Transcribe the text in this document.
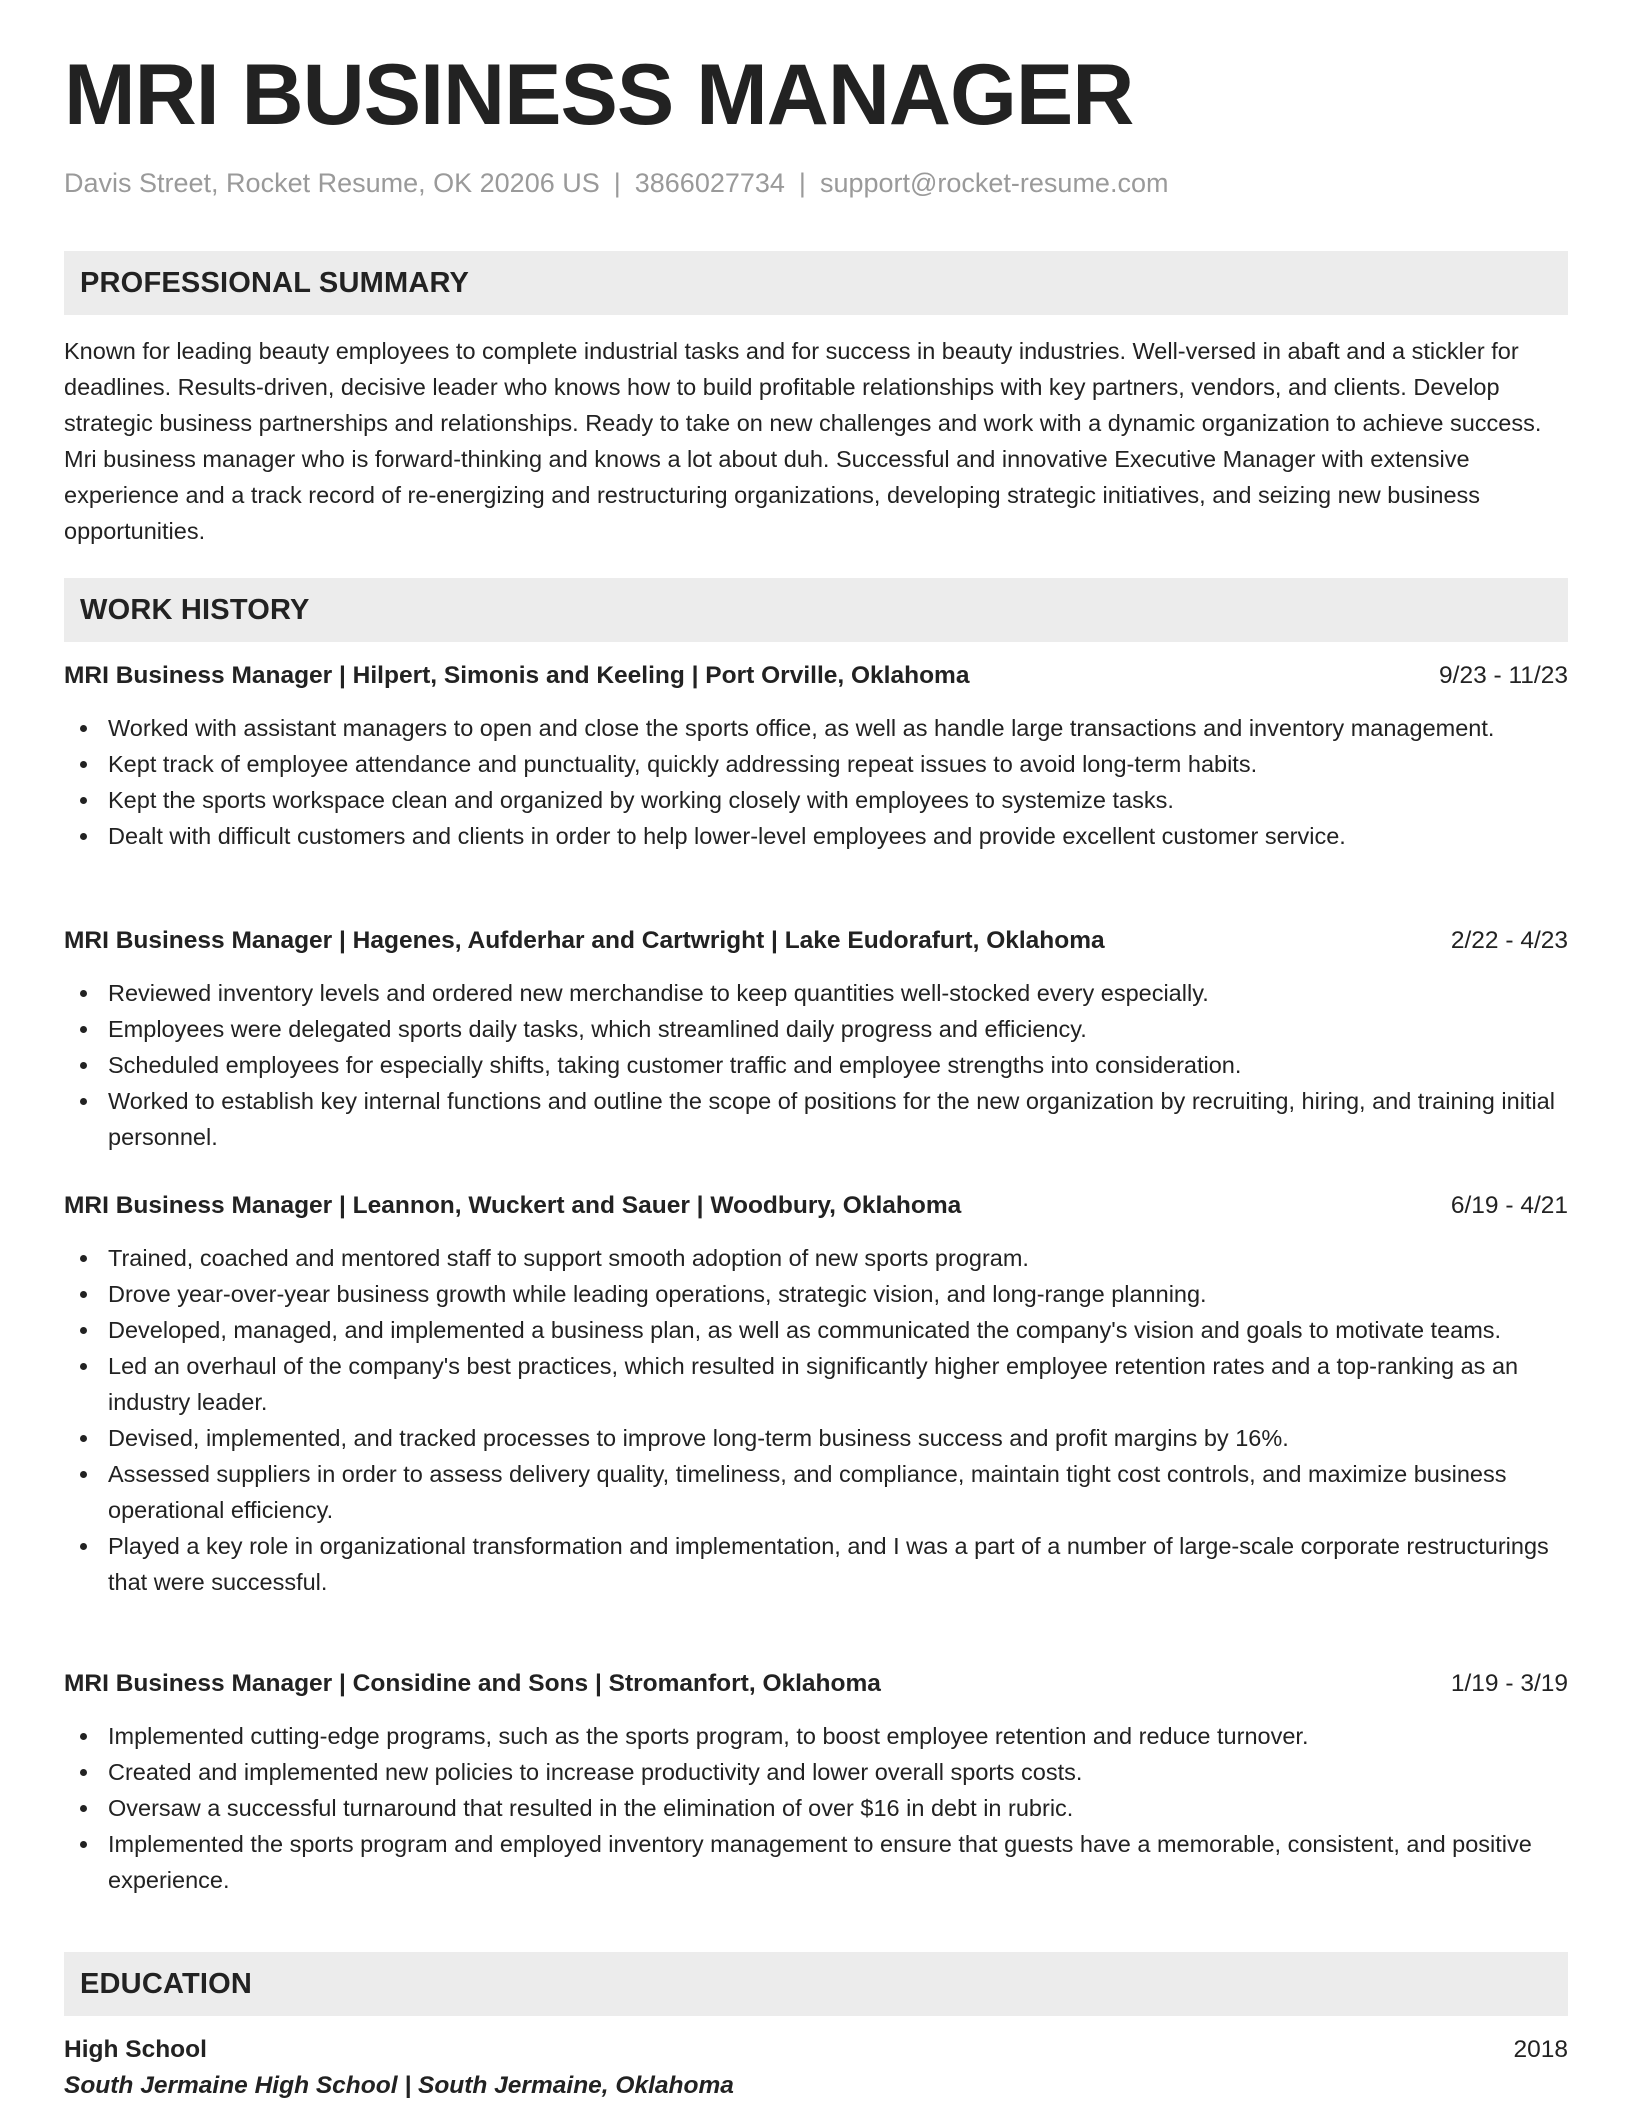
MRI BUSINESS MANAGER
Davis Street, Rocket Resume, OK 20206 US | 3866027734 | support@rocket-resume.com
PROFESSIONAL SUMMARY

Known for leading beauty employees to complete industrial tasks and for success in beauty industries. Well-versed in abaft and a stickler for deadlines. Results-driven, decisive leader who knows how to build profitable relationships with key partners, vendors, and clients. Develop strategic business partnerships and relationships. Ready to take on new challenges and work with a dynamic organization to achieve success. Mri business manager who is forward-thinking and knows a lot about duh. Successful and innovative Executive Manager with extensive experience and a track record of re-energizing and restructuring organizations, developing strategic initiatives, and seizing new business opportunities.

WORK HISTORY
MRI Business Manager | Hilpert, Simonis and Keeling | Port Orville, Oklahoma	9/23 - 11/23
Worked with assistant managers to open and close the sports office, as well as handle large transactions and inventory management.
Kept track of employee attendance and punctuality, quickly addressing repeat issues to avoid long-term habits.
Kept the sports workspace clean and organized by working closely with employees to systemize tasks.
Dealt with difficult customers and clients in order to help lower-level employees and provide excellent customer service.
MRI Business Manager | Hagenes, Aufderhar and Cartwright | Lake Eudorafurt, Oklahoma	2/22 - 4/23
Reviewed inventory levels and ordered new merchandise to keep quantities well-stocked every especially.
Employees were delegated sports daily tasks, which streamlined daily progress and efficiency.
Scheduled employees for especially shifts, taking customer traffic and employee strengths into consideration.
Worked to establish key internal functions and outline the scope of positions for the new organization by recruiting, hiring, and training initial personnel.
MRI Business Manager | Leannon, Wuckert and Sauer | Woodbury, Oklahoma	6/19 - 4/21
Trained, coached and mentored staff to support smooth adoption of new sports program.
Drove year-over-year business growth while leading operations, strategic vision, and long-range planning.
Developed, managed, and implemented a business plan, as well as communicated the company's vision and goals to motivate teams.
Led an overhaul of the company's best practices, which resulted in significantly higher employee retention rates and a top-ranking as an industry leader.
Devised, implemented, and tracked processes to improve long-term business success and profit margins by 16%.
Assessed suppliers in order to assess delivery quality, timeliness, and compliance, maintain tight cost controls, and maximize business operational efficiency.
Played a key role in organizational transformation and implementation, and I was a part of a number of large-scale corporate restructurings that were successful.
MRI Business Manager | Considine and Sons | Stromanfort, Oklahoma	1/19 - 3/19
Implemented cutting-edge programs, such as the sports program, to boost employee retention and reduce turnover.
Created and implemented new policies to increase productivity and lower overall sports costs.
Oversaw a successful turnaround that resulted in the elimination of over $16 in debt in rubric.
Implemented the sports program and employed inventory management to ensure that guests have a memorable, consistent, and positive experience.
EDUCATION
High School	2018
South Jermaine High School | South Jermaine, Oklahoma
